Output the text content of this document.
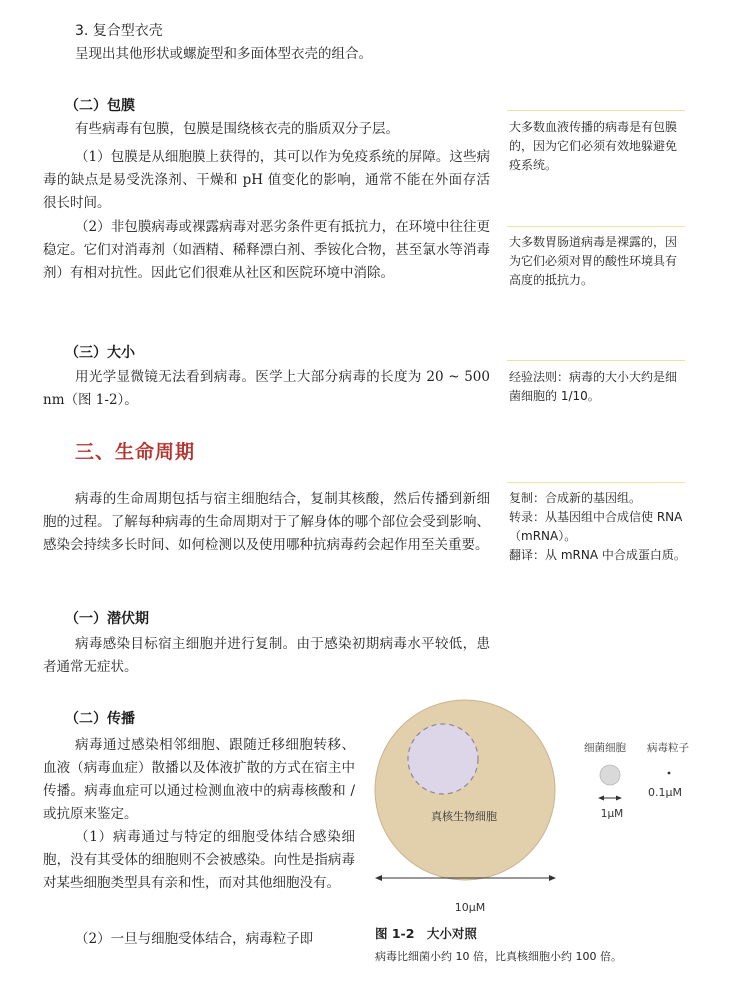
3. 复合型衣壳

呈现出其他形状或螺旋型和多面体型衣壳的组合。

（二）包膜

有些病毒有包膜，包膜是围绕核衣壳的脂质双分子层。

（1）包膜是从细胞膜上获得的，其可以作为免疫系统的屏障。这些病毒的缺点是易受洗涤剂、干燥和 pH 值变化的影响，通常不能在外面存活很长时间。

（2）非包膜病毒或裸露病毒对恶劣条件更有抵抗力，在环境中往往更稳定。它们对消毒剂（如酒精、稀释漂白剂、季铵化合物，甚至氯水等消毒剂）有相对抗性。因此它们很难从社区和医院环境中消除。

（三）大小

用光学显微镜无法看到病毒。医学上大部分病毒的长度为 20 ~ 500 nm（图 1-2）。

三、生命周期

病毒的生命周期包括与宿主细胞结合，复制其核酸，然后传播到新细胞的过程。了解每种病毒的生命周期对于了解身体的哪个部位会受到影响、感染会持续多长时间、如何检测以及使用哪种抗病毒药会起作用至关重要。

（一）潜伏期

病毒感染目标宿主细胞并进行复制。由于感染初期病毒水平较低，患者通常无症状。

（二）传播

病毒通过感染相邻细胞、跟随迁移细胞转移、血液（病毒血症）散播以及体液扩散的方式在宿主中传播。病毒血症可以通过检测血液中的病毒核酸和 / 或抗原来鉴定。

（1）病毒通过与特定的细胞受体结合感染细胞，没有其受体的细胞则不会被感染。向性是指病毒对某些细胞类型具有亲和性，而对其他细胞没有。

（2）一旦与细胞受体结合，病毒粒子即

大多数血液传播的病毒是有包膜的，因为它们必须有效地躲避免疫系统。
大多数胃肠道病毒是裸露的，因为它们必须对胃的酸性环境具有高度的抵抗力。
经验法则：病毒的大小大约是细菌细胞的 1/10。
复制：合成新的基因组。
转录：从基因组中合成信使 RNA（mRNA）。
翻译：从 mRNA 中合成蛋白质。
真核生物细胞
10μM
细菌细胞 病毒粒子
0.1μM
1μM
图 1-2　大小对照
病毒比细菌小约 10 倍，比真核细胞小约 100 倍。
